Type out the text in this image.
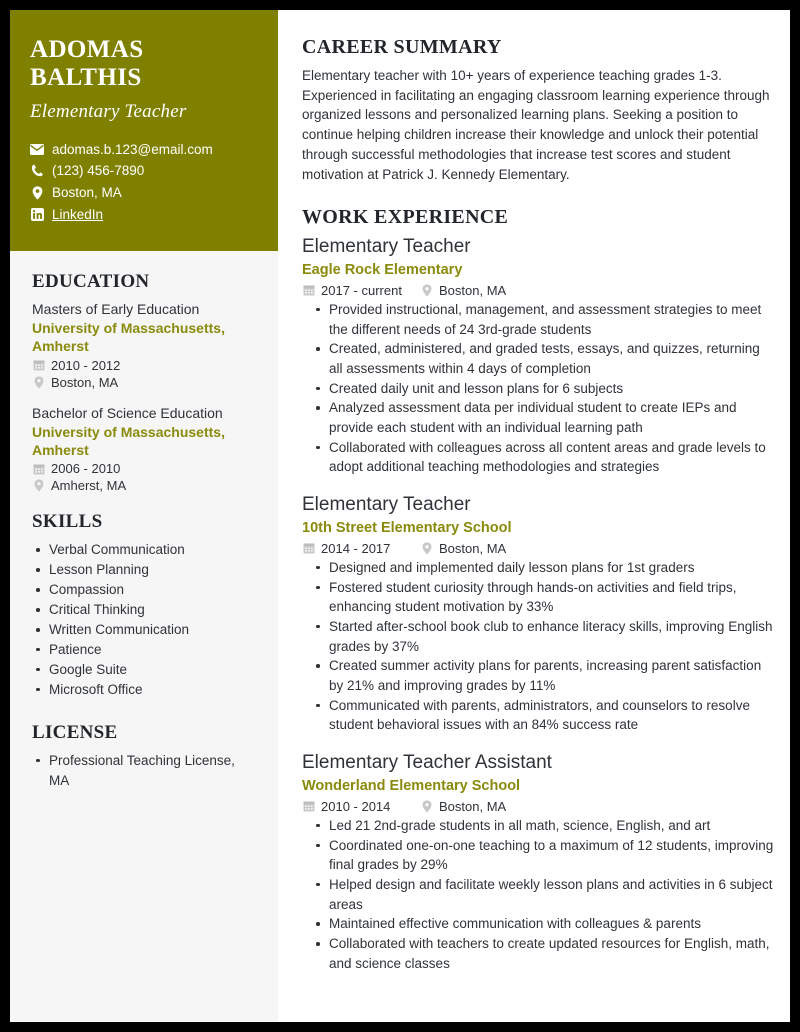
ADOMAS
BALTHIS
Elementary Teacher
adomas.b.123@email.com
(123) 456-7890
Boston, MA
LinkedIn
EDUCATION
Masters of Early Education
University of Massachusetts, Amherst
2010 - 2012
Boston, MA
Bachelor of Science Education
University of Massachusetts, Amherst
2006 - 2010
Amherst, MA
SKILLS
Verbal Communication
Lesson Planning
Compassion
Critical Thinking
Written Communication
Patience
Google Suite
Microsoft Office
LICENSE
Professional Teaching License, MA
CAREER SUMMARY

Elementary teacher with 10+ years of experience teaching grades 1-3. Experienced in facilitating an engaging classroom learning experience through organized lessons and personalized learning plans. Seeking a position to continue helping children increase their knowledge and unlock their potential through successful methodologies that increase test scores and student motivation at Patrick J. Kennedy Elementary.

WORK EXPERIENCE
Elementary Teacher
Eagle Rock Elementary
2017 - current	Boston, MA
Provided instructional, management, and assessment strategies to meet the different needs of 24 3rd-grade students
Created, administered, and graded tests, essays, and quizzes, returning all assessments within 4 days of completion
Created daily unit and lesson plans for 6 subjects
Analyzed assessment data per individual student to create IEPs and provide each student with an individual learning path
Collaborated with colleagues across all content areas and grade levels to adopt additional teaching methodologies and strategies
Elementary Teacher
10th Street Elementary School
2014 - 2017	Boston, MA
Designed and implemented daily lesson plans for 1st graders
Fostered student curiosity through hands-on activities and field trips, enhancing student motivation by 33%
Started after-school book club to enhance literacy skills, improving English grades by 37%
Created summer activity plans for parents, increasing parent satisfaction by 21% and improving grades by 11%
Communicated with parents, administrators, and counselors to resolve student behavioral issues with an 84% success rate
Elementary Teacher Assistant
Wonderland Elementary School
2010 - 2014	Boston, MA
Led 21 2nd-grade students in all math, science, English, and art
Coordinated one-on-one teaching to a maximum of 12 students, improving final grades by 29%
Helped design and facilitate weekly lesson plans and activities in 6 subject areas
Maintained effective communication with colleagues & parents
Collaborated with teachers to create updated resources for English, math, and science classes
